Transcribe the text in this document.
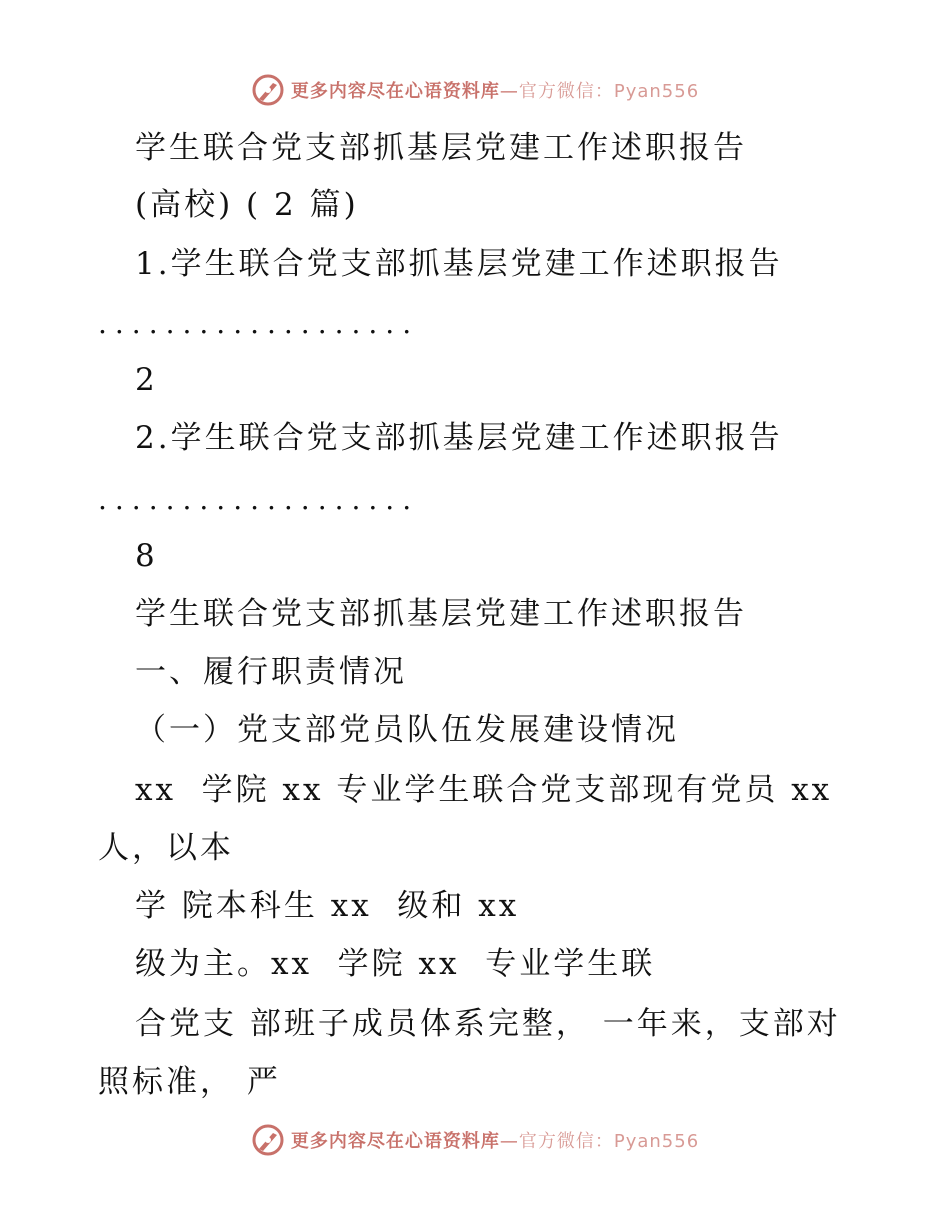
更多内容尽在心语资料库—官方微信：Pyan556
学生联合党支部抓基层党建工作述职报告
(高校) ( 2 篇)
1.学生联合党支部抓基层党建工作述职报告
...................
2
2.学生联合党支部抓基层党建工作述职报告
...................
8
学生联合党支部抓基层党建工作述职报告
一、履行职责情况
（一）党支部党员队伍发展建设情况
xx  学院 xx 专业学生联合党支部现有党员 xx
人，以本
学 院本科生 xx  级和 xx
级为主。xx  学院 xx  专业学生联
合党支 部班子成员体系完整， 一年来，支部对
照标准， 严
更多内容尽在心语资料库—官方微信：Pyan556
